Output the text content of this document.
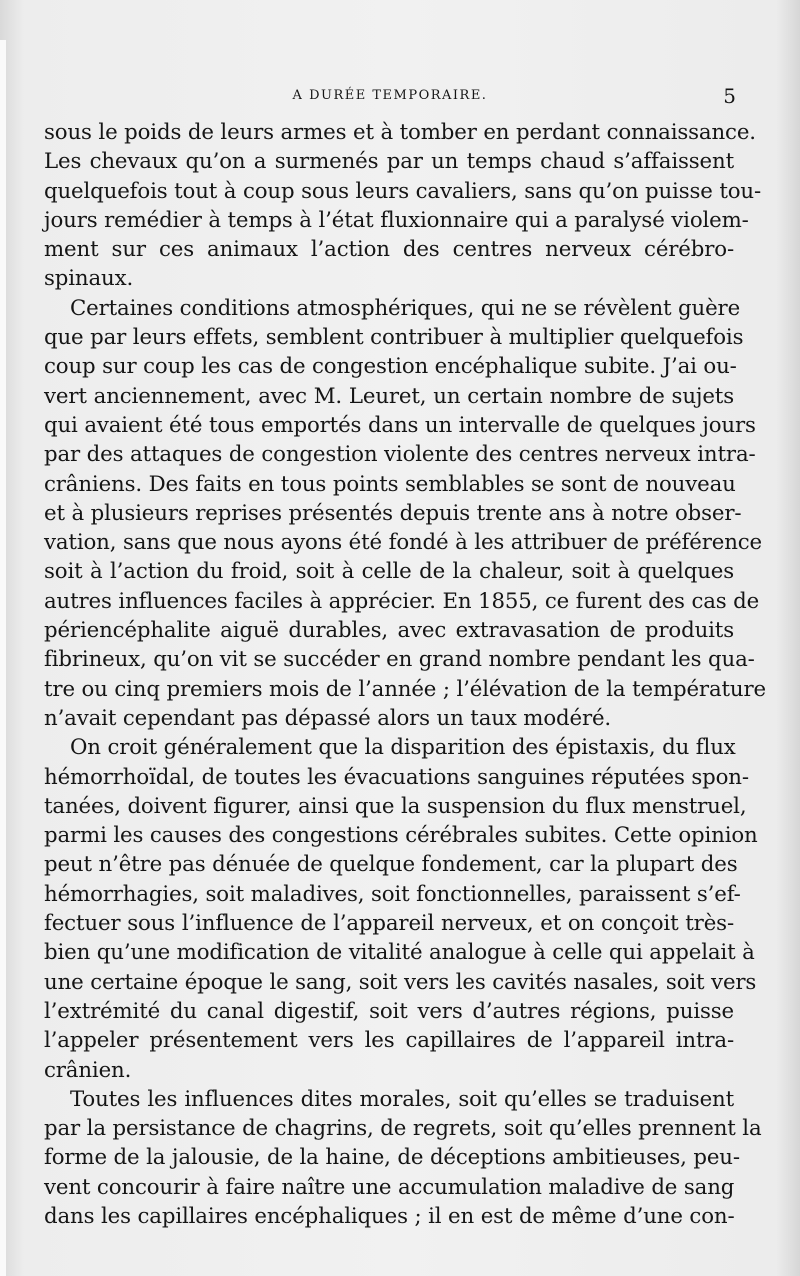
A DURÉE TEMPORAIRE.	5
sous le poids de leurs armes et à tomber en perdant connaissance.
Les chevaux qu’on a surmenés par un temps chaud s’affaissent
quelquefois tout à coup sous leurs cavaliers, sans qu’on puisse tou-
jours remédier à temps à l’état fluxionnaire qui a paralysé violem-
ment sur ces animaux l’action des centres nerveux cérébro-
spinaux.
Certaines conditions atmosphériques, qui ne se révèlent guère
que par leurs effets, semblent contribuer à multiplier quelquefois
coup sur coup les cas de congestion encéphalique subite. J’ai ou-
vert anciennement, avec M. Leuret, un certain nombre de sujets
qui avaient été tous emportés dans un intervalle de quelques jours
par des attaques de congestion violente des centres nerveux intra-
crâniens. Des faits en tous points semblables se sont de nouveau
et à plusieurs reprises présentés depuis trente ans à notre obser-
vation, sans que nous ayons été fondé à les attribuer de préférence
soit à l’action du froid, soit à celle de la chaleur, soit à quelques
autres influences faciles à apprécier. En 1855, ce furent des cas de
périencéphalite aiguë durables, avec extravasation de produits
fibrineux, qu’on vit se succéder en grand nombre pendant les qua-
tre ou cinq premiers mois de l’année ; l’élévation de la température
n’avait cependant pas dépassé alors un taux modéré.
On croit généralement que la disparition des épistaxis, du flux
hémorrhoïdal, de toutes les évacuations sanguines réputées spon-
tanées, doivent figurer, ainsi que la suspension du flux menstruel,
parmi les causes des congestions cérébrales subites. Cette opinion
peut n’être pas dénuée de quelque fondement, car la plupart des
hémorrhagies, soit maladives, soit fonctionnelles, paraissent s’ef-
fectuer sous l’influence de l’appareil nerveux, et on conçoit très-
bien qu’une modification de vitalité analogue à celle qui appelait à
une certaine époque le sang, soit vers les cavités nasales, soit vers
l’extrémité du canal digestif, soit vers d’autres régions, puisse
l’appeler présentement vers les capillaires de l’appareil intra-
crânien.
Toutes les influences dites morales, soit qu’elles se traduisent
par la persistance de chagrins, de regrets, soit qu’elles prennent la
forme de la jalousie, de la haine, de déceptions ambitieuses, peu-
vent concourir à faire naître une accumulation maladive de sang
dans les capillaires encéphaliques ; il en est de même d’une con-
